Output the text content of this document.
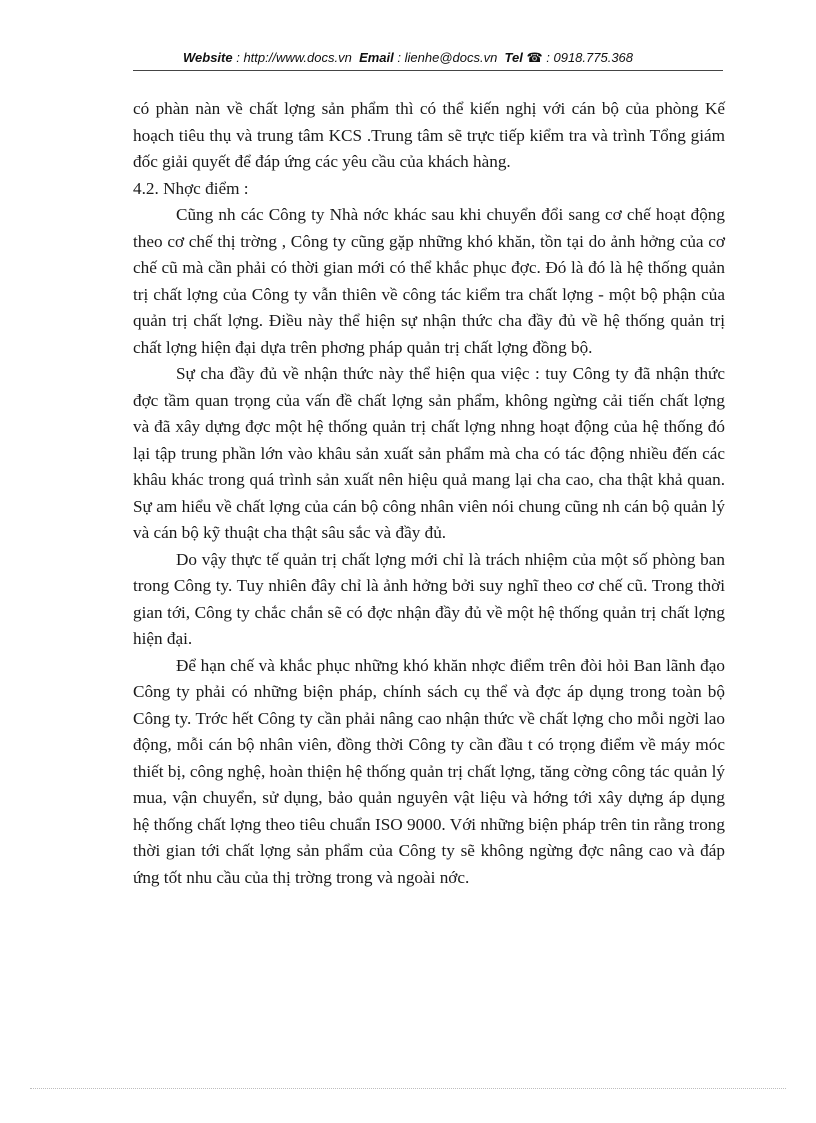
Website : http://www.docs.vn Email : lienhe@docs.vn Tel ☎ : 0918.775.368

có phàn nàn về chất lợng sản phẩm thì có thể kiến nghị với cán bộ của phòng Kế hoạch tiêu thụ và trung tâm KCS .Trung tâm sẽ trực tiếp kiểm tra và trình Tổng giám đốc giải quyết để đáp ứng các yêu cầu của khách hàng.

4.2. Nhợc điểm :

Cũng nh các Công ty Nhà nớc khác sau khi chuyển đổi sang cơ chế hoạt động theo cơ chế thị trờng , Công ty cũng gặp những khó khăn, tồn tại do ảnh hởng của cơ chế cũ mà cần phải có thời gian mới có thể khắc phục đợc. Đó là đó là hệ thống quản trị chất lợng của Công ty vẫn thiên về công tác kiểm tra chất lợng - một bộ phận của quản trị chất lợng. Điều này thể hiện sự nhận thức cha đầy đủ về hệ thống quản trị chất lợng hiện đại dựa trên phơng pháp quản trị chất lợng đồng bộ.

Sự cha đầy đủ về nhận thức này thể hiện qua việc : tuy Công ty đã nhận thức đợc tầm quan trọng của vấn đề chất lợng sản phẩm, không ngừng cải tiến chất lợng và đã xây dựng đợc một hệ thống quản trị chất lợng nhng hoạt động của hệ thống đó lại tập trung phần lớn vào khâu sản xuất sản phẩm mà cha có tác động nhiều đến các khâu khác trong quá trình sản xuất nên hiệu quả mang lại cha cao, cha thật khả quan. Sự am hiểu về chất lợng của cán bộ công nhân viên nói chung cũng nh cán bộ quản lý và cán bộ kỹ thuật cha thật sâu sắc và đầy đủ.

Do vậy thực tế quản trị chất lợng mới chỉ là trách nhiệm của một số phòng ban trong Công ty. Tuy nhiên đây chỉ là ảnh hởng bởi suy nghĩ theo cơ chế cũ. Trong thời gian tới, Công ty chắc chắn sẽ có đợc nhận đầy đủ về một hệ thống quản trị chất lợng hiện đại.

Để hạn chế và khắc phục những khó khăn nhợc điểm trên đòi hỏi Ban lãnh đạo Công ty phải có những biện pháp, chính sách cụ thể và đợc áp dụng trong toàn bộ Công ty. Trớc hết Công ty cần phải nâng cao nhận thức về chất lợng cho mỗi ngời lao động, mỗi cán bộ nhân viên, đồng thời Công ty cần đầu t có trọng điểm về máy móc thiết bị, công nghệ, hoàn thiện hệ thống quản trị chất lợng, tăng cờng công tác quản lý mua, vận chuyển, sử dụng, bảo quản nguyên vật liệu và hớng tới xây dựng áp dụng hệ thống chất lợng theo tiêu chuẩn ISO 9000. Với những biện pháp trên tin rằng trong thời gian tới chất lợng sản phẩm của Công ty sẽ không ngừng đợc nâng cao và đáp ứng tốt nhu cầu của thị trờng trong và ngoài nớc.
